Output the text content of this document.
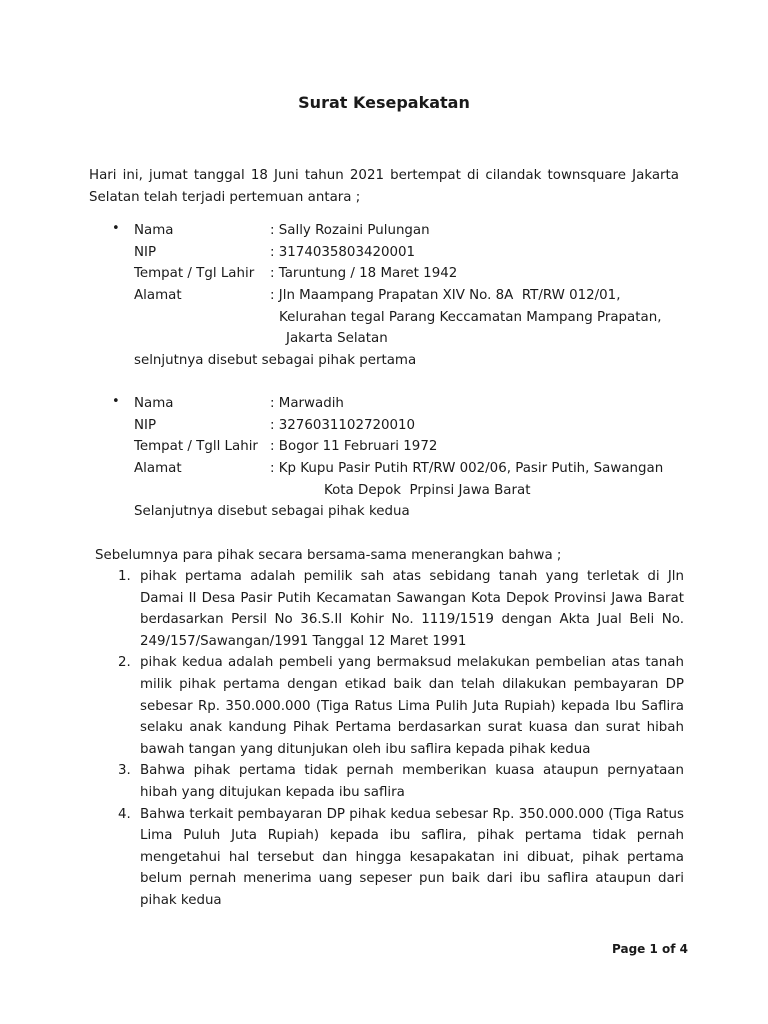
Surat Kesepakatan
Hari ini, jumat tanggal 18 Juni tahun 2021 bertempat di cilandak townsquare Jakarta Selatan telah terjadi pertemuan antara ;
• Nama	: Sally Rozaini Pulungan
NIP	: 3174035803420001
Tempat / Tgl Lahir : Taruntung / 18 Maret 1942
Alamat	: Jln Maampang Prapatan XIV No. 8A  RT/RW 012/01,
Kelurahan tegal Parang Keccamatan Mampang Prapatan,
Jakarta Selatan
selnjutnya disebut sebagai pihak pertama
• Nama	: Marwadih
NIP	: 3276031102720010
Tempat / Tgll Lahir : Bogor 11 Februari 1972
Alamat	: Kp Kupu Pasir Putih RT/RW 002/06, Pasir Putih, Sawangan
Kota Depok  Prpinsi Jawa Barat
Selanjutnya disebut sebagai pihak kedua
Sebelumnya para pihak secara bersama-sama menerangkan bahwa ;
1. pihak pertama adalah pemilik sah atas sebidang tanah yang terletak di Jln Damai II Desa Pasir Putih Kecamatan Sawangan Kota Depok Provinsi Jawa Barat berdasarkan Persil No 36.S.II Kohir No. 1119/1519 dengan Akta Jual Beli No. 249/157/Sawangan/1991 Tanggal 12 Maret 1991
2. pihak kedua adalah pembeli yang bermaksud melakukan pembelian atas tanah milik pihak pertama dengan etikad baik dan telah dilakukan pembayaran DP sebesar Rp. 350.000.000 (Tiga Ratus Lima Pulih Juta Rupiah) kepada Ibu Saflira selaku anak kandung Pihak Pertama berdasarkan surat kuasa dan surat hibah bawah tangan yang ditunjukan oleh ibu saflira kepada pihak kedua
3. Bahwa pihak pertama tidak pernah memberikan kuasa ataupun pernyataan hibah yang ditujukan kepada ibu saflira
4. Bahwa terkait pembayaran DP pihak kedua sebesar Rp. 350.000.000 (Tiga Ratus Lima Puluh Juta Rupiah) kepada ibu saflira, pihak pertama tidak pernah mengetahui hal tersebut dan hingga kesapakatan ini dibuat, pihak pertama belum pernah menerima uang sepeser pun baik dari ibu saflira ataupun dari pihak kedua
Page 1 of 4
